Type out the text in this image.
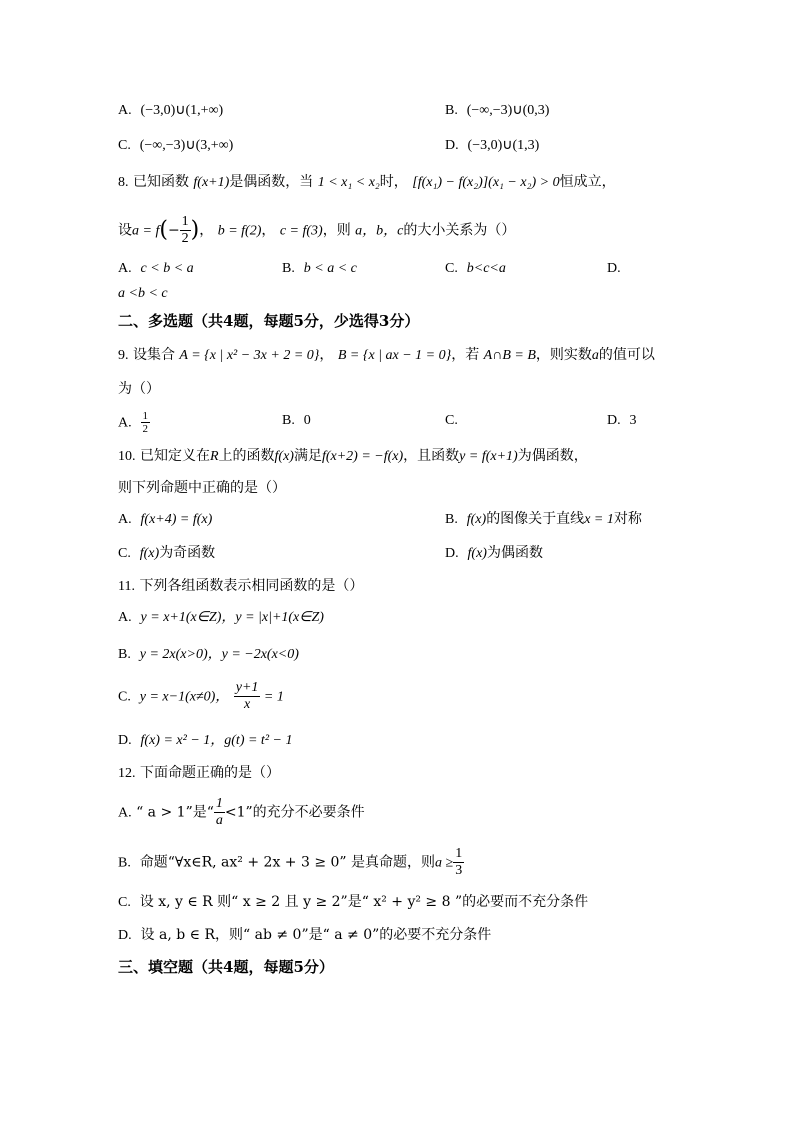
A. (−3,0)∪(1,+∞)	B. (−∞,−3)∪(0,3)
C. (−∞,−3)∪(3,+∞)	D. (−3,0)∪(1,3)
8. 已知函数 f(x+1)是偶函数，当 1 < x₁ < x₂时， [f(x₁) − f(x₂)](x₁ − x₂) > 0恒成立，
设$a = f(- \frac{1}{2}$ )， b = f(2)， c = f(3)，则 a，b，c的大小关系为（）
A. c < b < a	B. b < a < c	C. b<c<a	D.
a <b < c
二、多选题（共4题，每题5分，少选得3分）
9. 设集合 A = {x | x² − 3x + 2 = 0}， B = {x | ax − 1 = 0}，若 A∩B = B，则实数a的值可以
为（）
A. $\frac{1}{2}$	B. 0	C.	D. 3
10. 已知定义在R上的函数f(x)满足f(x+2) = −f(x)，且函数y = f(x+1)为偶函数，
则下列命题中正确的是（）
A. f(x+4) = f(x)	B. f(x)的图像关于直线x = 1对称
C. f(x)为奇函数	D. f(x)为偶函数
11. 下列各组函数表示相同函数的是（）
A. y = x+1(x∈Z)，y = |x|+1(x∈Z)
B. y = 2x(x>0)，y = −2x(x<0)
C. y = x−1(x≠0)， $\frac{y+1}{x} = 1$
D. f(x) = x² − 1，g(t) = t² − 1
12. 下面命题正确的是（）
A. “ a > 1”是“ $\frac{1}{a} <1$”的充分不必要条件
B. 命题“∀x∈R, ax² + 2x + 3 ≥ 0” 是真命题，则$a \ge \frac{1}{3}$
C. 设 x, y ∈ R 则“ x ≥ 2 且 y ≥ 2”是“ x² + y² ≥ 8 ”的必要而不充分条件
D. 设 a, b ∈ R，则“ ab ≠ 0”是“ a ≠ 0”的必要不充分条件
三、填空题（共4题，每题5分）
